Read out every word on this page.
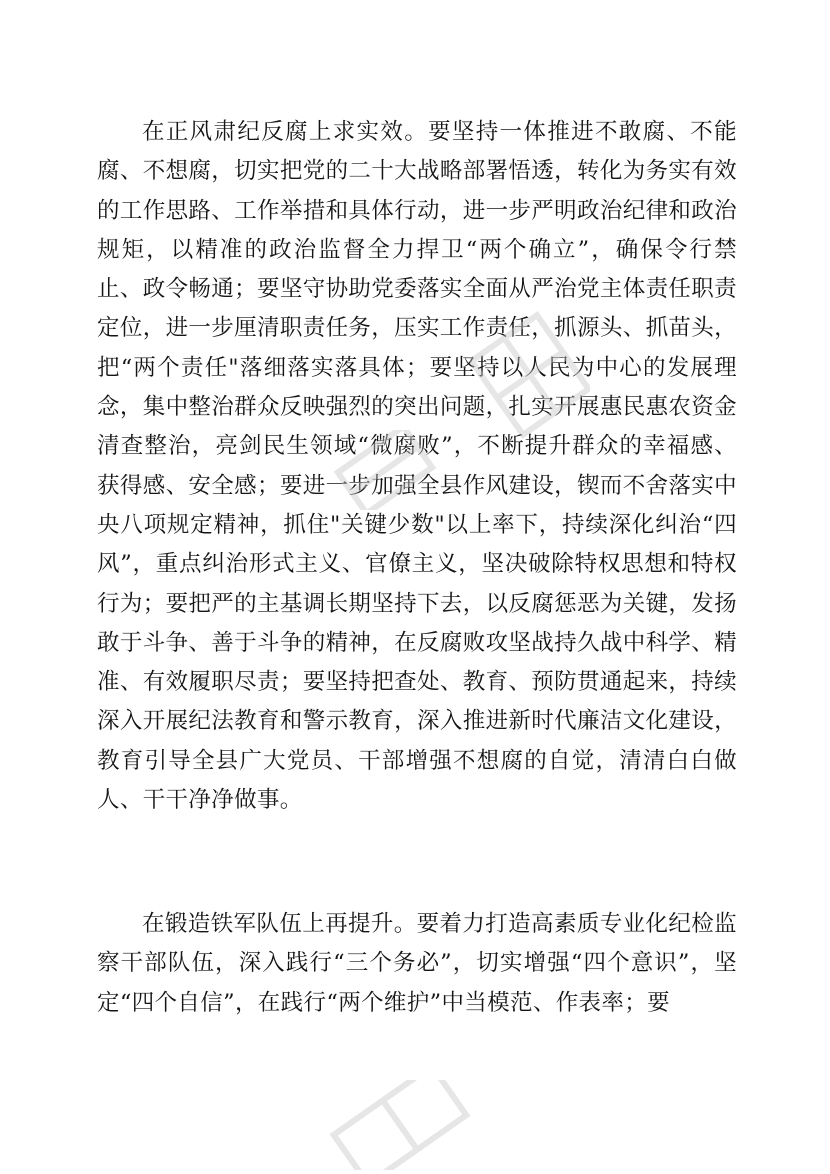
在正风肃纪反腐上求实效。要坚持一体推进不敢腐、不能腐、不想腐，切实把党的二十大战略部署悟透，转化为务实有效的工作思路、工作举措和具体行动，进一步严明政治纪律和政治规矩，以精准的政治监督全力捍卫“两个确立”，确保令行禁止、政令畅通；要坚守协助党委落实全面从严治党主体责任职责定位，进一步厘清职责任务，压实工作责任，抓源头、抓苗头，把“两个责任"落细落实落具体；要坚持以人民为中心的发展理念，集中整治群众反映强烈的突出问题，扎实开展惠民惠农资金清查整治，亮剑民生领域“微腐败”，不断提升群众的幸福感、获得感、安全感；要进一步加强全县作风建设，锲而不舍落实中央八项规定精神，抓住"关键少数"以上率下，持续深化纠治“四风”，重点纠治形式主义、官僚主义，坚决破除特权思想和特权行为；要把严的主基调长期坚持下去，以反腐惩恶为关键，发扬敢于斗争、善于斗争的精神，在反腐败攻坚战持久战中科学、精准、有效履职尽责；要坚持把查处、教育、预防贯通起来，持续深入开展纪法教育和警示教育，深入推进新时代廉洁文化建设，教育引导全县广大党员、干部增强不想腐的自觉，清清白白做人、干干净净做事。

在锻造铁军队伍上再提升。要着力打造高素质专业化纪检监察干部队伍，深入践行“三个务必”，切实增强“四个意识”，坚定“四个自信”，在践行“两个维护”中当模范、作表率；要
